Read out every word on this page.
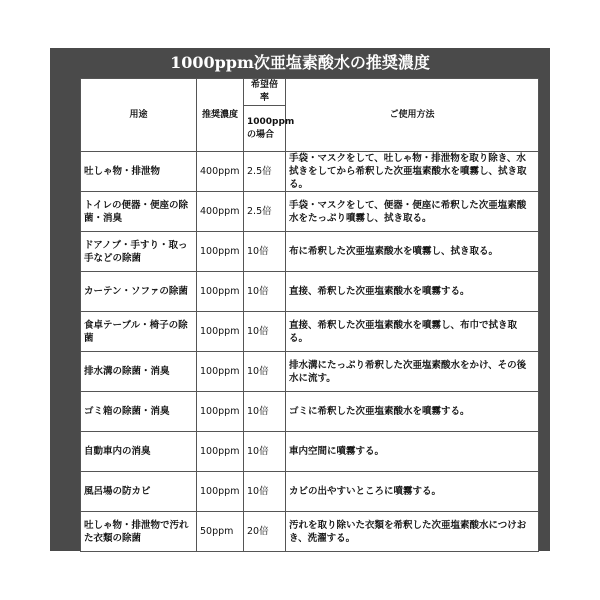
1000ppm次亜塩素酸水の推奨濃度
用途	推奨濃度	希望倍率	ご使用方法
		1000ppmの場合	
吐しゃ物・排泄物	400ppm	2.5倍	手袋・マスクをして、吐しゃ物・排泄物を取り除き、水拭きをしてから希釈した次亜塩素酸水を噴霧し、拭き取る。
トイレの便器・便座の除菌・消臭	400ppm	2.5倍	手袋・マスクをして、便器・便座に希釈した次亜塩素酸水をたっぷり噴霧し、拭き取る。
ドアノブ・手すり・取っ手などの除菌	100ppm	10倍	布に希釈した次亜塩素酸水を噴霧し、拭き取る。
カーテン・ソファの除菌	100ppm	10倍	直接、希釈した次亜塩素酸水を噴霧する。
食卓テーブル・椅子の除菌	100ppm	10倍	直接、希釈した次亜塩素酸水を噴霧し、布巾で拭き取る。
排水溝の除菌・消臭	100ppm	10倍	排水溝にたっぷり希釈した次亜塩素酸水をかけ、その後水に流す。
ゴミ箱の除菌・消臭	100ppm	10倍	ゴミに希釈した次亜塩素酸水を噴霧する。
自動車内の消臭	100ppm	10倍	車内空間に噴霧する。
風呂場の防カビ	100ppm	10倍	カビの出やすいところに噴霧する。
吐しゃ物・排泄物で汚れた衣類の除菌	50ppm	20倍	汚れを取り除いた衣類を希釈した次亜塩素酸水につけおき、洗濯する。
